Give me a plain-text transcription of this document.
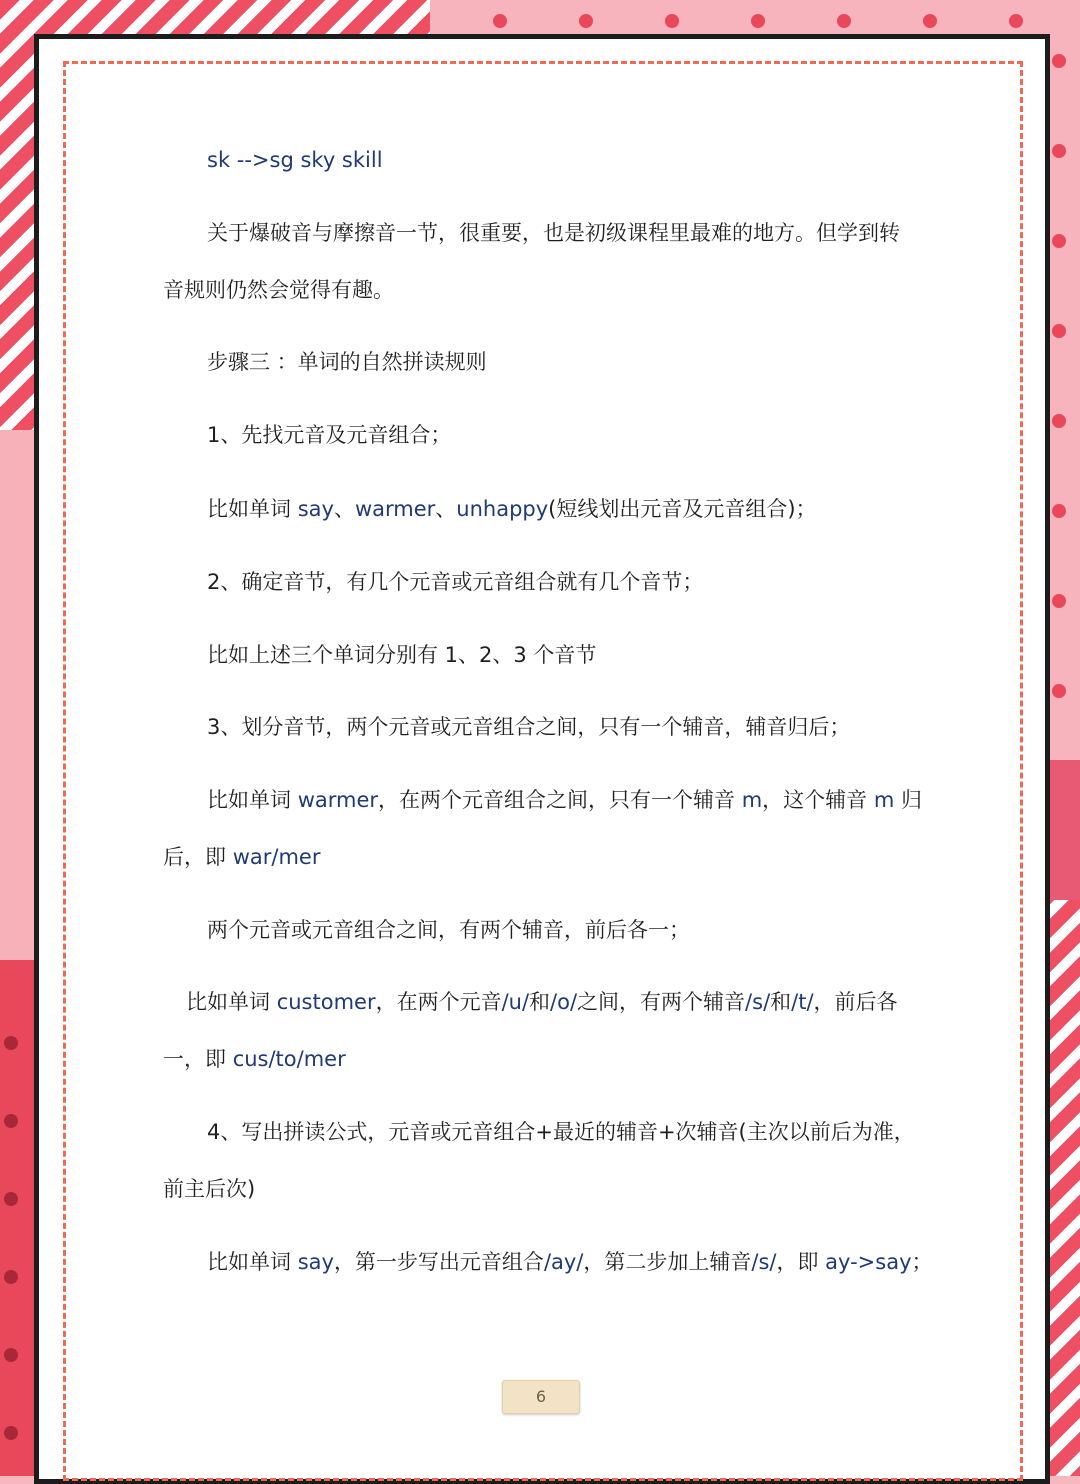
sk -->sg sky skill

关于爆破音与摩擦音一节，很重要，也是初级课程里最难的地方。但学到转

音规则仍然会觉得有趣。

步骤三 ：单词的自然拼读规则

1、先找元音及元音组合；

比如单词 say、warmer、unhappy(短线划出元音及元音组合)；

2、确定音节，有几个元音或元音组合就有几个音节；

比如上述三个单词分别有 1、2、3 个音节

3、划分音节，两个元音或元音组合之间，只有一个辅音，辅音归后；

比如单词 warmer，在两个元音组合之间，只有一个辅音 m，这个辅音 m 归

后，即 war/mer

两个元音或元音组合之间，有两个辅音，前后各一；

比如单词 customer，在两个元音/u/和/o/之间，有两个辅音/s/和/t/，前后各

一，即 cus/to/mer

4、写出拼读公式，元音或元音组合+最近的辅音+次辅音(主次以前后为准，

前主后次)

比如单词 say，第一步写出元音组合/ay/，第二步加上辅音/s/，即 ay->say；

6
